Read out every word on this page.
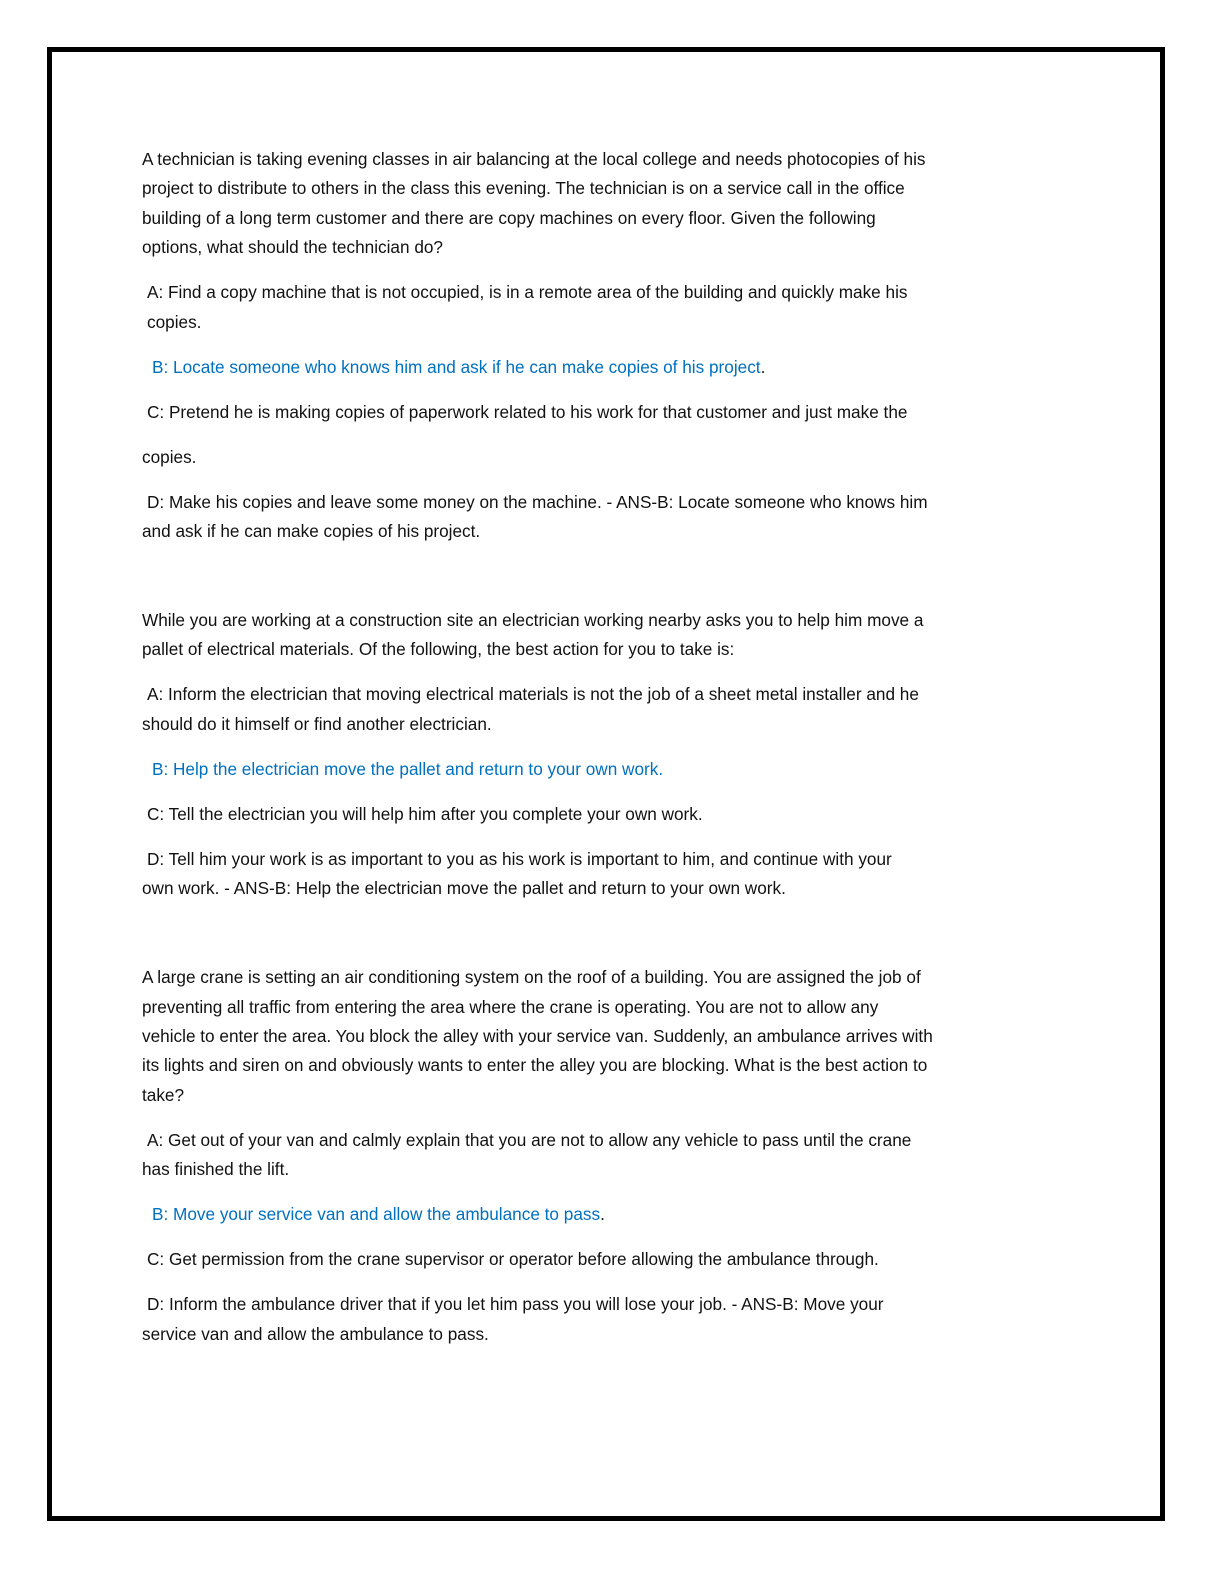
A technician is taking evening classes in air balancing at the local college and needs photocopies of his
project to distribute to others in the class this evening. The technician is on a service call in the office
building of a long term customer and there are copy machines on every floor. Given the following
options, what should the technician do?
A: Find a copy machine that is not occupied, is in a remote area of the building and quickly make his
copies.
B: Locate someone who knows him and ask if he can make copies of his project.
C: Pretend he is making copies of paperwork related to his work for that customer and just make the
copies.
D: Make his copies and leave some money on the machine. - ANS-B: Locate someone who knows him
and ask if he can make copies of his project.
While you are working at a construction site an electrician working nearby asks you to help him move a
pallet of electrical materials. Of the following, the best action for you to take is:
A: Inform the electrician that moving electrical materials is not the job of a sheet metal installer and he
should do it himself or find another electrician.
B: Help the electrician move the pallet and return to your own work.
C: Tell the electrician you will help him after you complete your own work.
D: Tell him your work is as important to you as his work is important to him, and continue with your
own work. - ANS-B: Help the electrician move the pallet and return to your own work.
A large crane is setting an air conditioning system on the roof of a building. You are assigned the job of
preventing all traffic from entering the area where the crane is operating. You are not to allow any
vehicle to enter the area. You block the alley with your service van. Suddenly, an ambulance arrives with
its lights and siren on and obviously wants to enter the alley you are blocking. What is the best action to
take?
A: Get out of your van and calmly explain that you are not to allow any vehicle to pass until the crane
has finished the lift.
B: Move your service van and allow the ambulance to pass.
C: Get permission from the crane supervisor or operator before allowing the ambulance through.
D: Inform the ambulance driver that if you let him pass you will lose your job. - ANS-B: Move your
service van and allow the ambulance to pass.
